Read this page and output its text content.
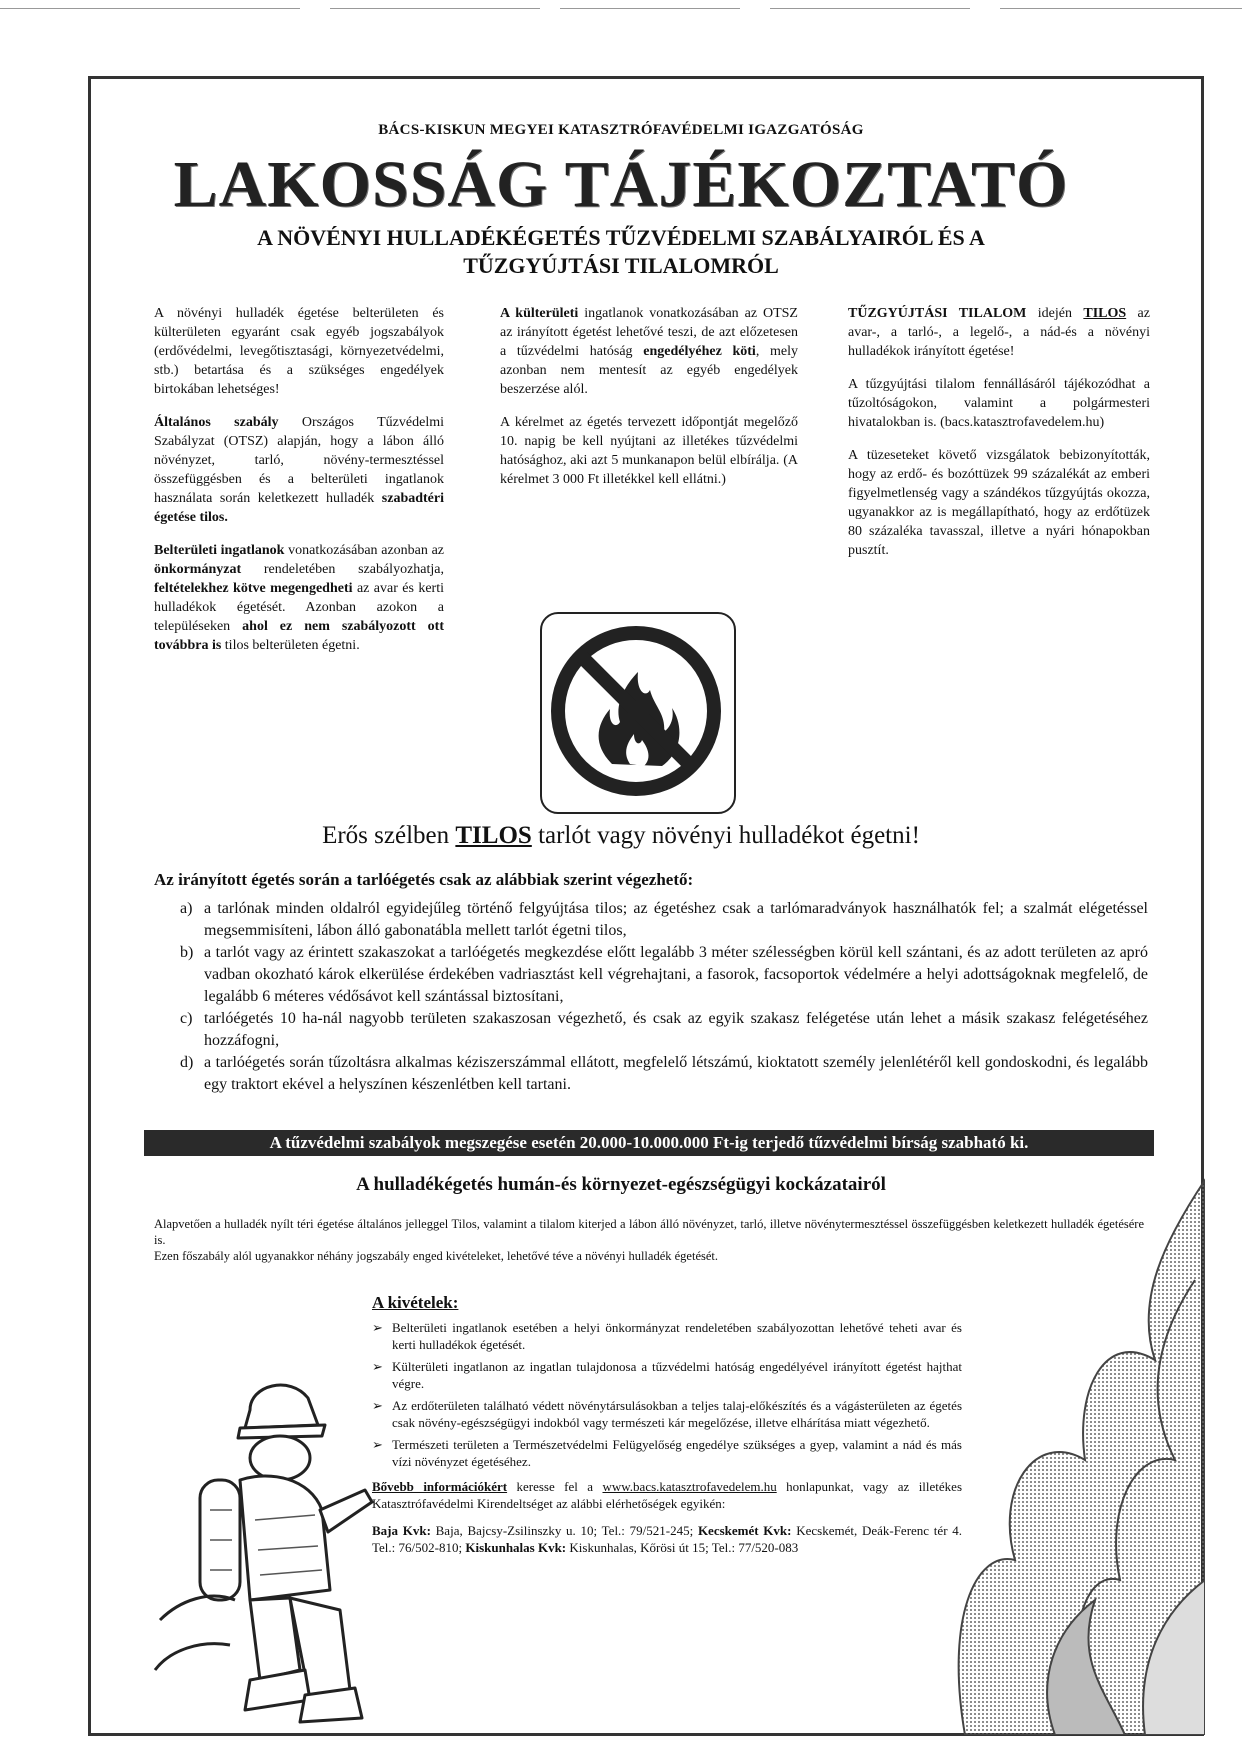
BÁCS-KISKUN MEGYEI KATASZTRÓFAVÉDELMI IGAZGATÓSÁG
LAKOSSÁG TÁJÉKOZTATÓ
A NÖVÉNYI HULLADÉKÉGETÉS TŰZVÉDELMI SZABÁLYAIRÓL ÉS A TŰZGYÚJTÁSI TILALOMRÓL

A növényi hulladék égetése belterületen és külterületen egyaránt csak egyéb jogszabályok (erdővédelmi, levegőtisztasági, környezetvédelmi, stb.) betartása és a szükséges engedélyek birtokában lehetséges!

Általános szabály Országos Tűzvédelmi Szabályzat (OTSZ) alapján, hogy a lábon álló növényzet, tarló, növény-termesztéssel összefüggésben és a belterületi ingatlanok használata során keletkezett hulladék szabadtéri égetése tilos.

Belterületi ingatlanok vonatkozásában azonban az önkormányzat rendeletében szabályozhatja, feltételekhez kötve megengedheti az avar és kerti hulladékok égetését. Azonban azokon a településeken ahol ez nem szabályozott ott továbbra is tilos belterületen égetni.

A külterületi ingatlanok vonatkozásában az OTSZ az irányított égetést lehetővé teszi, de azt előzetesen a tűzvédelmi hatóság engedélyéhez köti, mely azonban nem mentesít az egyéb engedélyek beszerzése alól.

A kérelmet az égetés tervezett időpontját megelőző 10. napig be kell nyújtani az illetékes tűzvédelmi hatósághoz, aki azt 5 munkanapon belül elbírálja. (A kérelmet 3 000 Ft illetékkel kell ellátni.)

TŰZGYÚJTÁSI TILALOM idején TILOS az avar-, a tarló-, a legelő-, a nád-és a növényi hulladékok irányított égetése!

A tűzgyújtási tilalom fennállásáról tájékozódhat a tűzoltóságokon, valamint a polgármesteri hivatalokban is. (bacs.katasztrofavedelem.hu)

A tüzeseteket követő vizsgálatok bebizonyították, hogy az erdő- és bozóttüzek 99 százalékát az emberi figyelmetlenség vagy a szándékos tűzgyújtás okozza, ugyanakkor az is megállapítható, hogy az erdőtüzek 80 százaléka tavasszal, illetve a nyári hónapokban pusztít.

Erős szélben TILOS tarlót vagy növényi hulladékot égetni!
Az irányított égetés során a tarlóégetés csak az alábbiak szerint végezhető:
a) a tarlónak minden oldalról egyidejűleg történő felgyújtása tilos; az égetéshez csak a tarlómaradványok használhatók fel; a szalmát elégetéssel megsemmisíteni, lábon álló gabonatábla mellett tarlót égetni tilos,
b) a tarlót vagy az érintett szakaszokat a tarlóégetés megkezdése előtt legalább 3 méter szélességben körül kell szántani, és az adott területen az apró vadban okozható károk elkerülése érdekében vadriasztást kell végrehajtani, a fasorok, facsoportok védelmére a helyi adottságoknak megfelelő, de legalább 6 méteres védősávot kell szántással biztosítani,
c) tarlóégetés 10 ha-nál nagyobb területen szakaszosan végezhető, és csak az egyik szakasz felégetése után lehet a másik szakasz felégetéséhez hozzáfogni,
d) a tarlóégetés során tűzoltásra alkalmas kéziszerszámmal ellátott, megfelelő létszámú, kioktatott személy jelenlétéről kell gondoskodni, és legalább egy traktort ekével a helyszínen készenlétben kell tartani.
A tűzvédelmi szabályok megszegése esetén 20.000-10.000.000 Ft-ig terjedő tűzvédelmi bírság szabható ki.
A hulladékégetés humán-és környezet-egészségügyi kockázatairól

Alapvetően a hulladék nyílt téri égetése általános jelleggel Tilos, valamint a tilalom kiterjed a lábon álló növényzet, tarló, illetve növénytermesztéssel összefüggésben keletkezett hulladék égetésére is.

Ezen főszabály alól ugyanakkor néhány jogszabály enged kivételeket, lehetővé téve a növényi hulladék égetését.

A kivételek:
➢ Belterületi ingatlanok esetében a helyi önkormányzat rendeletében szabályozottan lehetővé teheti avar és kerti hulladékok égetését.
➢ Külterületi ingatlanon az ingatlan tulajdonosa a tűzvédelmi hatóság engedélyével irányított égetést hajthat végre.
➢ Az erdőterületen található védett növénytársulásokban a teljes talaj-előkészítés és a vágásterületen az égetés csak növény-egészségügyi indokból vagy természeti kár megelőzése, illetve elhárítása miatt végezhető.
➢ Természeti területen a Természetvédelmi Felügyelőség engedélye szükséges a gyep, valamint a nád és más vízi növényzet égetéséhez.
Bővebb információkért keresse fel a www.bacs.katasztrofavedelem.hu honlapunkat, vagy az illetékes Katasztrófavédelmi Kirendeltséget az alábbi elérhetőségek egyikén:
Baja Kvk: Baja, Bajcsy-Zsilinszky u. 10; Tel.: 79/521-245; Kecskemét Kvk: Kecskemét, Deák-Ferenc tér 4. Tel.: 76/502-810; Kiskunhalas Kvk: Kiskunhalas, Kőrösi út 15; Tel.: 77/520-083
